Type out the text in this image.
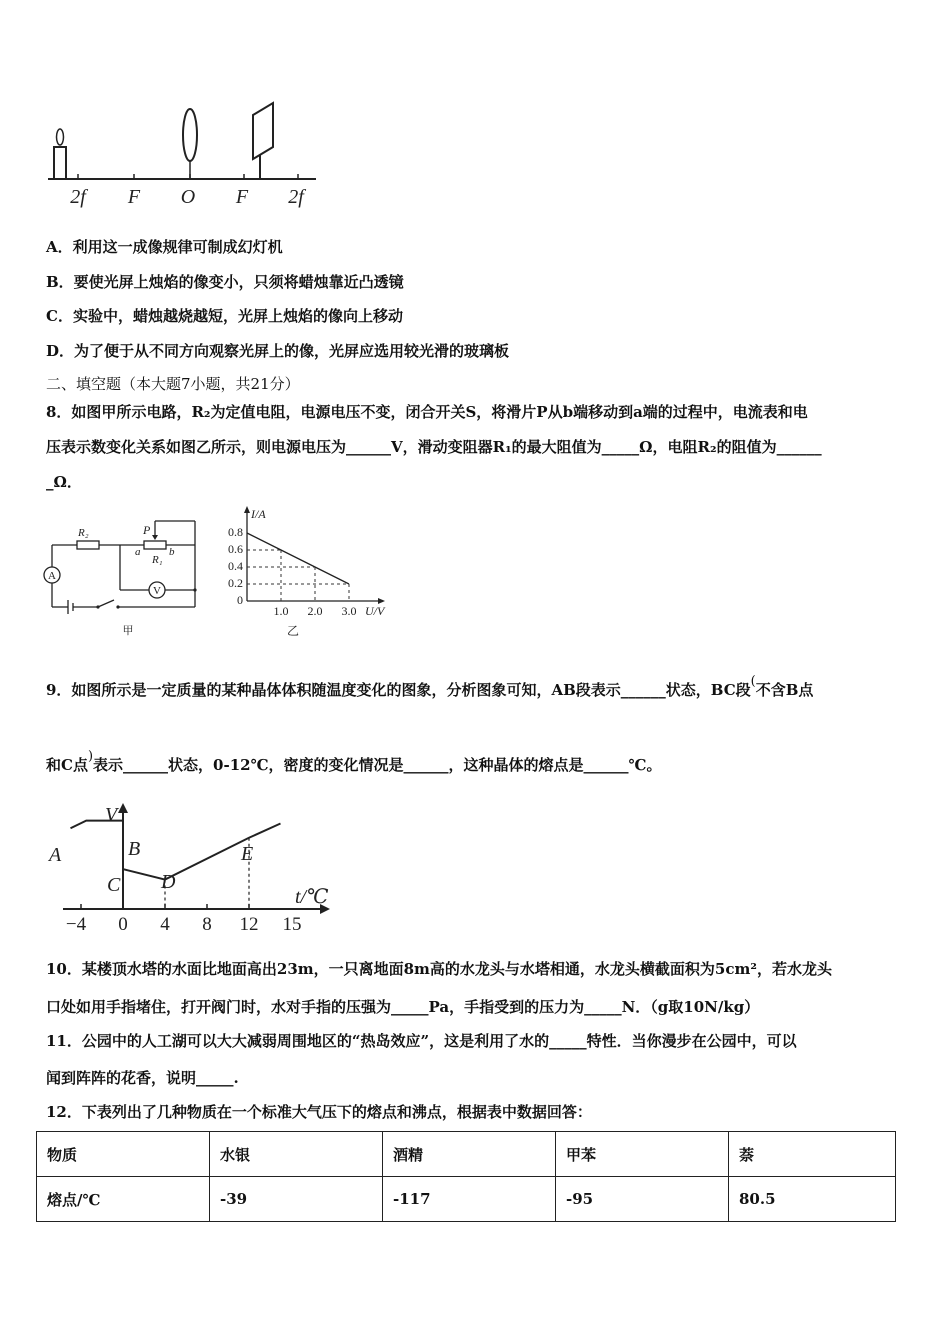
2f F O F 2f
A．利用这一成像规律可制成幻灯机
B．要使光屏上烛焰的像变小，只须将蜡烛靠近凸透镜
C．实验中，蜡烛越烧越短，光屏上烛焰的像向上移动
D．为了便于从不同方向观察光屏上的像，光屏应选用较光滑的玻璃板
二、填空题（本大题7小题，共21分）
8．如图甲所示电路，R₂为定值电阻，电源电压不变，闭合开关S，将滑片P从b端移动到a端的过程中，电流表和电
压表示数变化关系如图乙所示，则电源电压为______V，滑动变阻器R₁的最大阻值为_____Ω，电阻R₂的阻值为______
_Ω．
R₂	P
a	b
R₁
A
V
甲
I/A
U/V
乙
0.8
0.6
0.4
0.2
0
1.0 2.0 3.0
9．如图所示是一定质量的某种晶体体积随温度变化的图象，分析图象可知，AB段表示______状态，BC段(不含B点
和C点)表示______状态，0-12℃，密度的变化情况是______，这种晶体的熔点是______℃。
V
t/℃
A	B
C D
E
−4 0 4 8 12 15
10．某楼顶水塔的水面比地面高出23m，一只离地面8m高的水龙头与水塔相通，水龙头横截面积为5cm²，若水龙头
口处如用手指堵住，打开阀门时，水对手指的压强为_____Pa，手指受到的压力为_____N．（g取10N/kg）
11．公园中的人工湖可以大大减弱周围地区的“热岛效应”，这是利用了水的_____特性．当你漫步在公园中，可以
闻到阵阵的花香，说明_____.
12．下表列出了几种物质在一个标准大气压下的熔点和沸点，根据表中数据回答：
物质	水银	酒精	甲苯	萘
熔点/℃	-39	-117	-95	80.5
